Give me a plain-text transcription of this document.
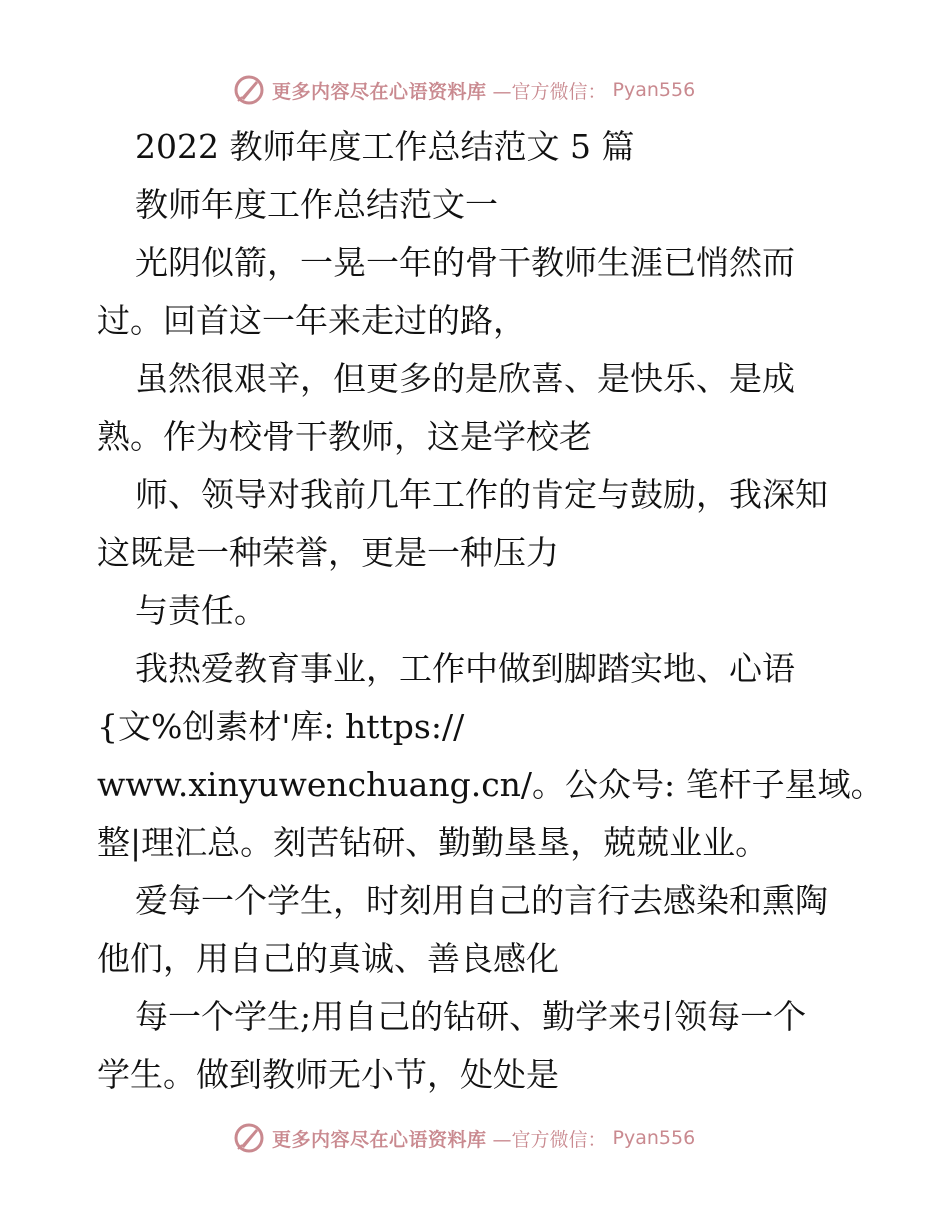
更多内容尽在心语资料库 —官方微信： Pyan556
2022 教师年度工作总结范文 5 篇
教师年度工作总结范文一
光阴似箭，一晃一年的骨干教师生涯已悄然而
过。回首这一年来走过的路，
虽然很艰辛，但更多的是欣喜、是快乐、是成
熟。作为校骨干教师，这是学校老
师、领导对我前几年工作的肯定与鼓励，我深知
这既是一种荣誉，更是一种压力
与责任。
我热爱教育事业，工作中做到脚踏实地、心语
{文%创素材'库: https://
www.xinyuwenchuang.cn/。公众号: 笔杆子星域。
整|理汇总。刻苦钻研、勤勤垦垦，兢兢业业。
爱每一个学生，时刻用自己的言行去感染和熏陶
他们，用自己的真诚、善良感化
每一个学生;用自己的钻研、勤学来引领每一个
学生。做到教师无小节，处处是
更多内容尽在心语资料库 —官方微信： Pyan556
